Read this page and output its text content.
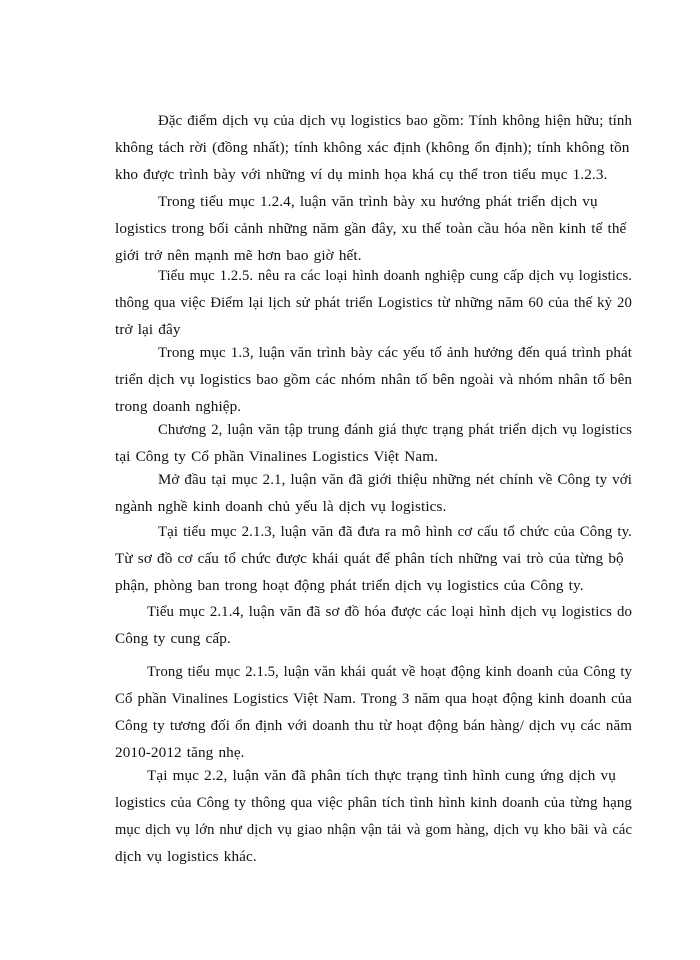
Đặc điểm dịch vụ của dịch vụ logistics bao gồm: Tính không hiện hữu; tính
không tách rời (đồng nhất); tính không xác định (không ổn định); tính không tồn
kho được trình bày với những ví dụ minh họa khá cụ thể tron tiểu mục 1.2.3.
Trong tiểu mục 1.2.4, luận văn trình bày xu hướng phát triển dịch vụ
logistics trong bối cảnh những năm gần đây, xu thế toàn cầu hóa nền kinh tế thế
giới trở nên mạnh mẽ hơn bao giờ hết.
Tiểu mục 1.2.5. nêu ra các loại hình doanh nghiệp cung cấp dịch vụ logistics.
thông qua việc Điểm lại lịch sử phát triển Logistics từ những năm 60 của thế kỷ 20
trở lại đây
Trong mục 1.3, luận văn trình bày các yếu tố ảnh hưởng đến quá trình phát
triển dịch vụ logistics bao gồm các nhóm nhân tố bên ngoài và nhóm nhân tố bên
trong doanh nghiệp.
Chương 2, luận văn tập trung đánh giá thực trạng phát triển dịch vụ logistics
tại Công ty Cổ phần Vinalines Logistics Việt Nam.
Mở đầu tại mục 2.1, luận văn đã giới thiệu những nét chính về Công ty với
ngành nghề kinh doanh chủ yếu là dịch vụ logistics.
Tại tiểu mục 2.1.3, luận văn đã đưa ra mô hình cơ cấu tổ chức của Công ty.
Từ sơ đồ cơ cấu tổ chức được khái quát để phân tích những vai trò của từng bộ
phận, phòng ban trong hoạt động phát triển dịch vụ logistics của Công ty.
Tiểu mục 2.1.4, luận văn đã sơ đồ hóa được các loại hình dịch vụ logistics do
Công ty cung cấp.
Trong tiểu mục 2.1.5, luận văn khái quát về hoạt động kinh doanh của Công ty
Cổ phần Vinalines Logistics Việt Nam. Trong 3 năm qua hoạt động kinh doanh của
Công ty tương đối ổn định với doanh thu từ hoạt động bán hàng/ dịch vụ các năm
2010-2012 tăng nhẹ.
Tại mục 2.2, luận văn đã phân tích thực trạng tình hình cung ứng dịch vụ
logistics của Công ty thông qua việc phân tích tình hình kinh doanh của từng hạng
mục dịch vụ lớn như dịch vụ giao nhận vận tải và gom hàng, dịch vụ kho bãi và các
dịch vụ logistics khác.
